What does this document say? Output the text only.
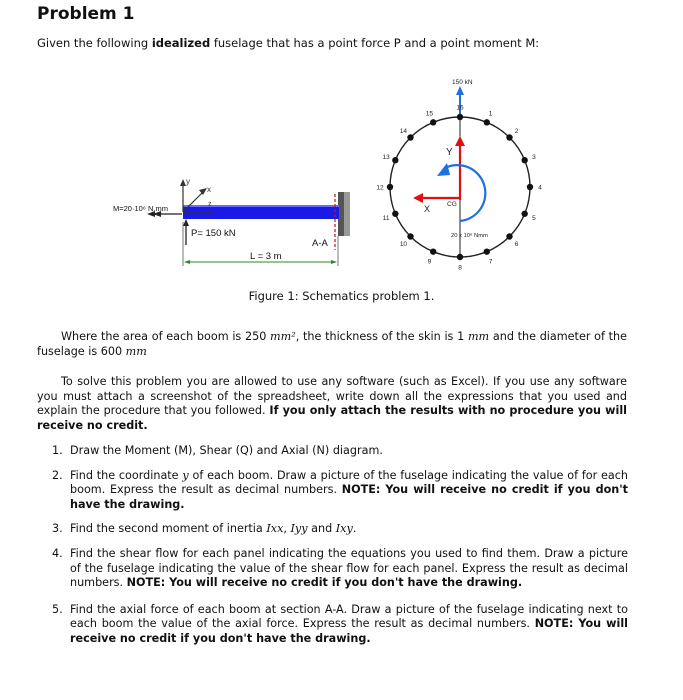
Problem 1
Given the following idealized fuselage that has a point force P and a point moment M:
A-A
y
x
z
M=20·10⁶ N.mm
P= 150 kN
L = 3 m
150 kN
Y
X	CG
20 x 10⁶ Nmm
1
2
3
4
5
6
7
8
9
10
11
12
13
14
15
16
Figure 1: Schematics problem 1.
Where the area of each boom is 250 mm², the thickness of the skin is 1 mm and the diameter of the fuselage is 600 mm
To solve this problem you are allowed to use any software (such as Excel). If you use any software you must attach a screenshot of the spreadsheet, write down all the expressions that you used and explain the procedure that you followed. If you only attach the results with no procedure you will receive no credit.
1. Draw the Moment (M), Shear (Q) and Axial (N) diagram.
2. Find the coordinate y of each boom. Draw a picture of the fuselage indicating the value of for each boom. Express the result as decimal numbers. NOTE: You will receive no credit if you don't have the drawing.
3. Find the second moment of inertia Ixx, Iyy and Ixy.
4. Find the shear flow for each panel indicating the equations you used to find them. Draw a picture of the fuselage indicating the value of the shear flow for each panel. Express the result as decimal numbers. NOTE: You will receive no credit if you don't have the drawing.
5. Find the axial force of each boom at section A-A. Draw a picture of the fuselage indicating next to each boom the value of the axial force. Express the result as decimal numbers. NOTE: You will receive no credit if you don't have the drawing.
